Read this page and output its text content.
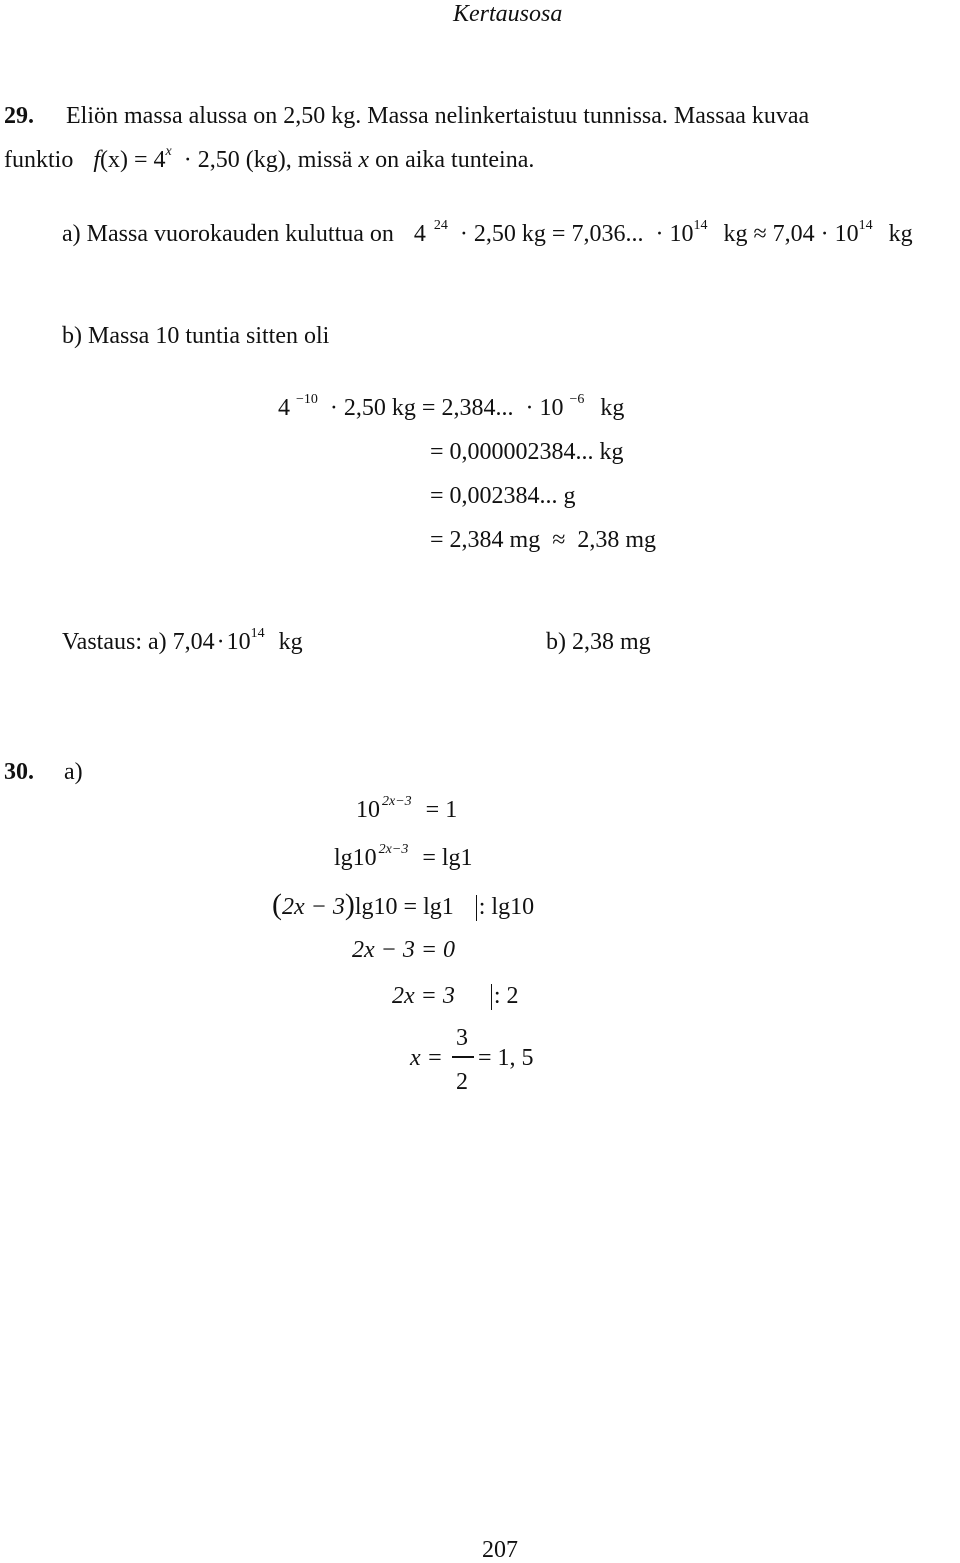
Kertausosa
29. Eliön massa alussa on 2,50 kg. Massa nelinkertaistuu tunnissa. Massaa kuvaa
funktio $f(x) = 4^x \cdot 2,50$ (kg), missä x on aika tunteina.
a) Massa vuorokauden kuluttua on 4 $^{24}$ · 2,50 kg = 7,036... · $10^{14}$ kg ≈ $7,04 \cdot 10^{14}$ kg
b) Massa 10 tuntia sitten oli
4 $^{-10}$ · 2,50 kg = 2,384... · 10 $^{-6}$ kg
= 0,000002384... kg
= 0,002384... g
= 2,384 mg ≈ 2,38 mg
Vastaus: a) $7,04\cdot 10^{14}$ kg	b) 2,38 mg
30. a)
10 $^{2x-3}$ = 1
lg10 $^{2x-3}$ = lg1
(2x − 3)lg10 = lg1 : lg10
2x − 3 = 0
2x = 3 : 2
x =
3
2
= 1, 5
207
